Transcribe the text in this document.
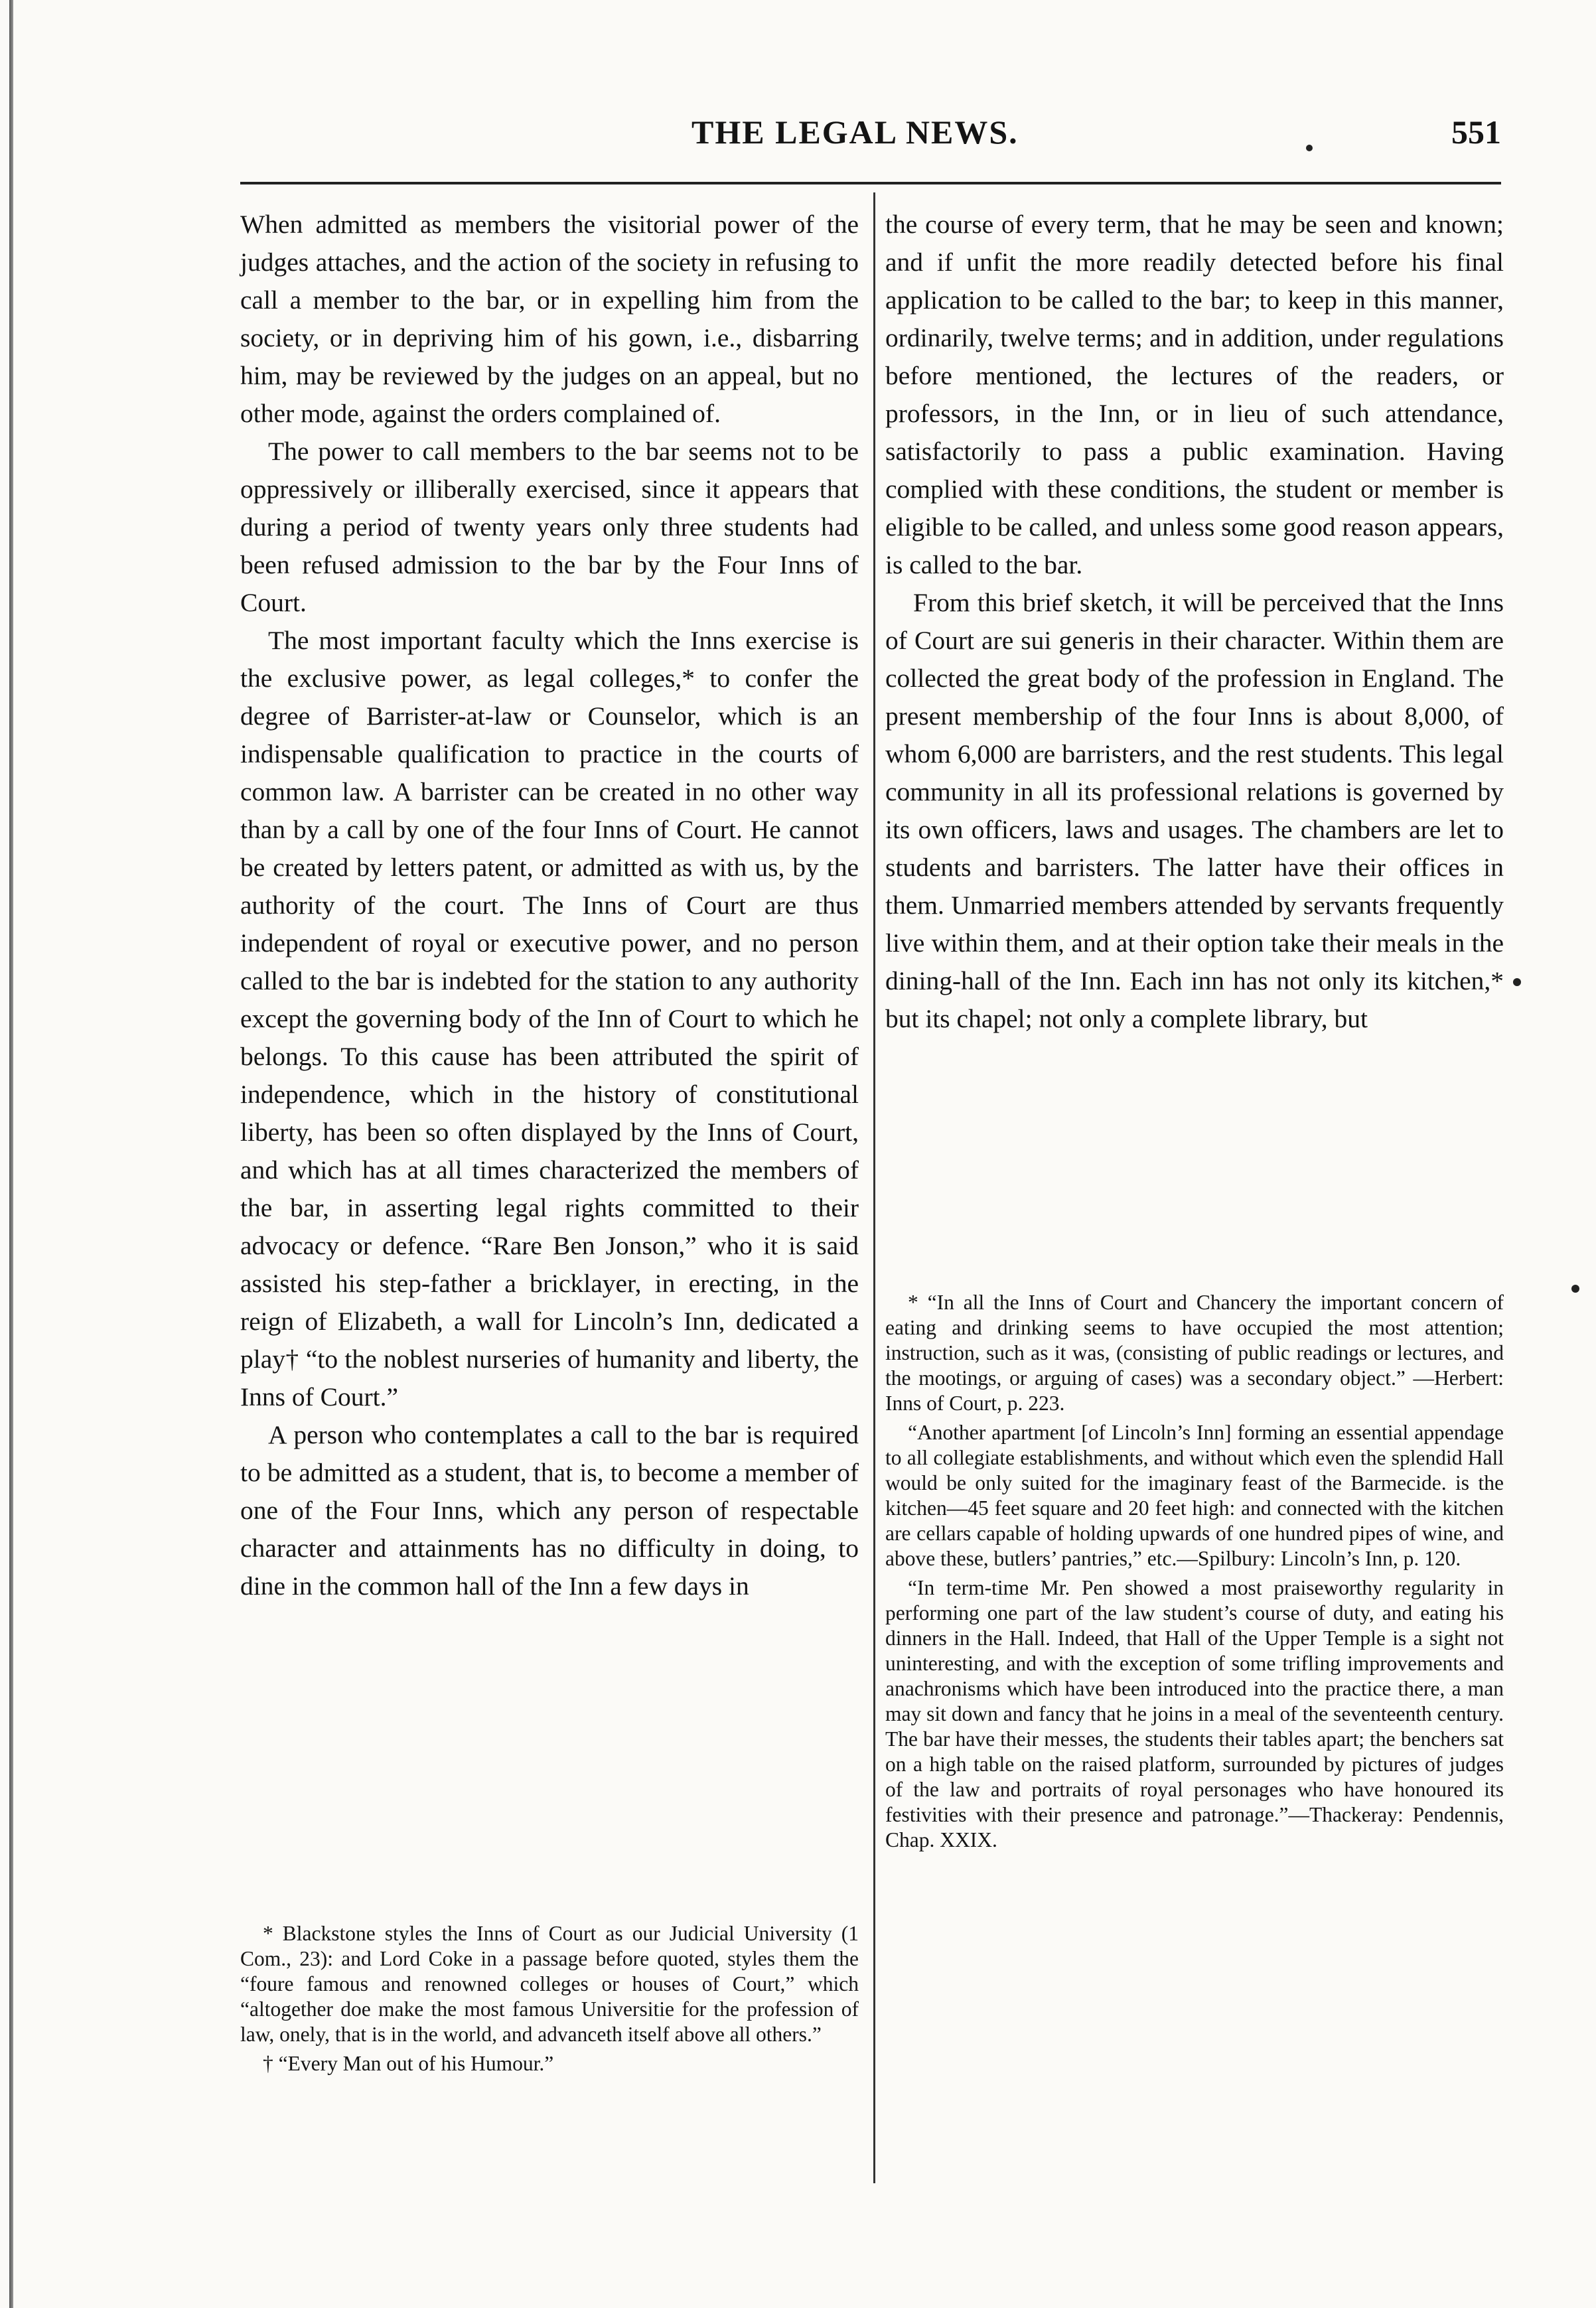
THE LEGAL NEWS.	551

When admitted as members the visitorial power of the judges attaches, and the action of the society in refusing to call a member to the bar, or in expelling him from the society, or in depriving him of his gown, i.e., disbarring him, may be reviewed by the judges on an appeal, but no other mode, against the orders complained of.

The power to call members to the bar seems not to be oppressively or illiberally exercised, since it appears that during a period of twenty years only three students had been refused admission to the bar by the Four Inns of Court.

The most important faculty which the Inns exercise is the exclusive power, as legal colleges,* to confer the degree of Barrister-at-law or Counselor, which is an indispensable qualification to practice in the courts of common law. A barrister can be created in no other way than by a call by one of the four Inns of Court. He cannot be created by letters patent, or admitted as with us, by the authority of the court. The Inns of Court are thus independent of royal or executive power, and no person called to the bar is indebted for the station to any authority except the governing body of the Inn of Court to which he belongs. To this cause has been attributed the spirit of independence, which in the history of constitutional liberty, has been so often displayed by the Inns of Court, and which has at all times characterized the members of the bar, in asserting legal rights committed to their advocacy or defence. “Rare Ben Jonson,” who it is said assisted his step-father a bricklayer, in erecting, in the reign of Elizabeth, a wall for Lincoln’s Inn, dedicated a play† “to the noblest nurseries of humanity and liberty, the Inns of Court.”

A person who contemplates a call to the bar is required to be admitted as a student, that is, to become a member of one of the Four Inns, which any person of respectable character and attainments has no difficulty in doing, to dine in the common hall of the Inn a few days in

the course of every term, that he may be seen and known; and if unfit the more readily detected before his final application to be called to the bar; to keep in this manner, ordinarily, twelve terms; and in addition, under regulations before mentioned, the lectures of the readers, or professors, in the Inn, or in lieu of such attendance, satisfactorily to pass a public examination. Having complied with these conditions, the student or member is eligible to be called, and unless some good reason appears, is called to the bar.

From this brief sketch, it will be perceived that the Inns of Court are sui generis in their character. Within them are collected the great body of the profession in England. The present membership of the four Inns is about 8,000, of whom 6,000 are barristers, and the rest students. This legal community in all its professional relations is governed by its own officers, laws and usages. The chambers are let to students and barristers. The latter have their offices in them. Unmarried members attended by servants frequently live within them, and at their option take their meals in the dining-hall of the Inn. Each inn has not only its kitchen,* but its chapel; not only a complete library, but

* Blackstone styles the Inns of Court as our Judicial University (1 Com., 23): and Lord Coke in a passage before quoted, styles them the “foure famous and renowned colleges or houses of Court,” which “altogether doe make the most famous Universitie for the profession of law, onely, that is in the world, and advanceth itself above all others.”

† “Every Man out of his Humour.”

* “In all the Inns of Court and Chancery the important concern of eating and drinking seems to have occupied the most attention; instruction, such as it was, (consisting of public readings or lectures, and the mootings, or arguing of cases) was a secondary object.” —Herbert: Inns of Court, p. 223.

“Another apartment [of Lincoln’s Inn] forming an essential appendage to all collegiate establishments, and without which even the splendid Hall would be only suited for the imaginary feast of the Barmecide. is the kitchen—45 feet square and 20 feet high: and connected with the kitchen are cellars capable of holding upwards of one hundred pipes of wine, and above these, butlers’ pantries,” etc.—Spilbury: Lincoln’s Inn, p. 120.

“In term-time Mr. Pen showed a most praiseworthy regularity in performing one part of the law student’s course of duty, and eating his dinners in the Hall. Indeed, that Hall of the Upper Temple is a sight not uninteresting, and with the exception of some trifling improvements and anachronisms which have been introduced into the practice there, a man may sit down and fancy that he joins in a meal of the seventeenth century. The bar have their messes, the students their tables apart; the benchers sat on a high table on the raised platform, surrounded by pictures of judges of the law and portraits of royal personages who have honoured its festivities with their presence and patronage.”—Thackeray: Pendennis, Chap. XXIX.
